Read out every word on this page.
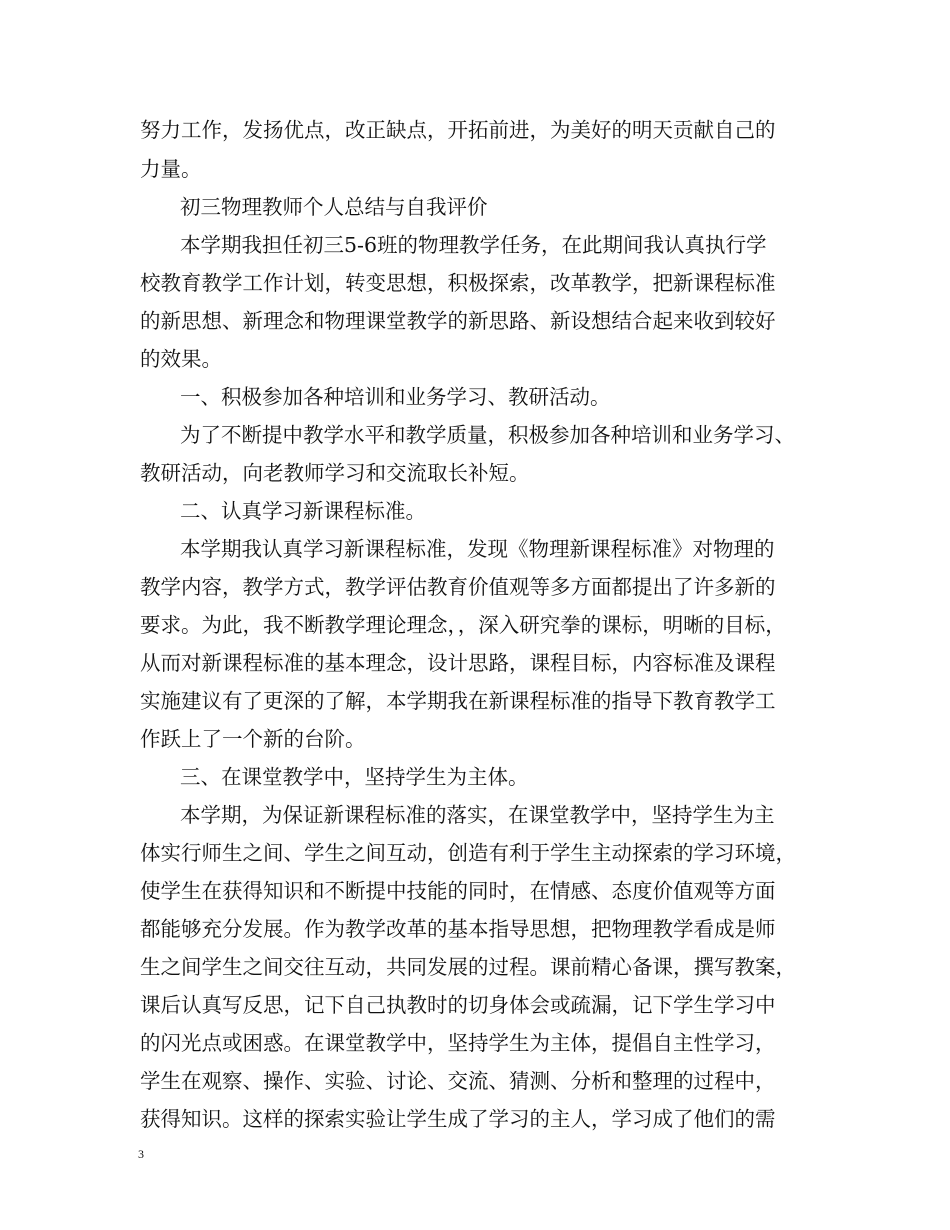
努力工作，发扬优点，改正缺点，开拓前进，为美好的明天贡献自己的
力量。
初三物理教师个人总结与自我评价
本学期我担任初三5-6班的物理教学任务，在此期间我认真执行学
校教育教学工作计划，转变思想，积极探索，改革教学，把新课程标准
的新思想、新理念和物理课堂教学的新思路、新设想结合起来收到较好
的效果。
一、积极参加各种培训和业务学习、教研活动。
为了不断提中教学水平和教学质量，积极参加各种培训和业务学习、
教研活动，向老教师学习和交流取长补短。
二、认真学习新课程标准。
本学期我认真学习新课程标准，发现《物理新课程标准》对物理的
教学内容，教学方式，教学评估教育价值观等多方面都提出了许多新的
要求。为此，我不断教学理论理念，，深入研究拳的课标，明晰的目标，
从而对新课程标准的基本理念，设计思路，课程目标，内容标准及课程
实施建议有了更深的了解，本学期我在新课程标准的指导下教育教学工
作跃上了一个新的台阶。
三、在课堂教学中，坚持学生为主体。
本学期，为保证新课程标准的落实，在课堂教学中，坚持学生为主
体实行师生之间、学生之间互动，创造有利于学生主动探索的学习环境，
使学生在获得知识和不断提中技能的同时，在情感、态度价值观等方面
都能够充分发展。作为教学改革的基本指导思想，把物理教学看成是师
生之间学生之间交往互动，共同发展的过程。课前精心备课，撰写教案，
课后认真写反思，记下自己执教时的切身体会或疏漏，记下学生学习中
的闪光点或困惑。在课堂教学中，坚持学生为主体，提倡自主性学习，
学生在观察、操作、实验、讨论、交流、猜测、分析和整理的过程中，
获得知识。这样的探索实验让学生成了学习的主人，学习成了他们的需
3
